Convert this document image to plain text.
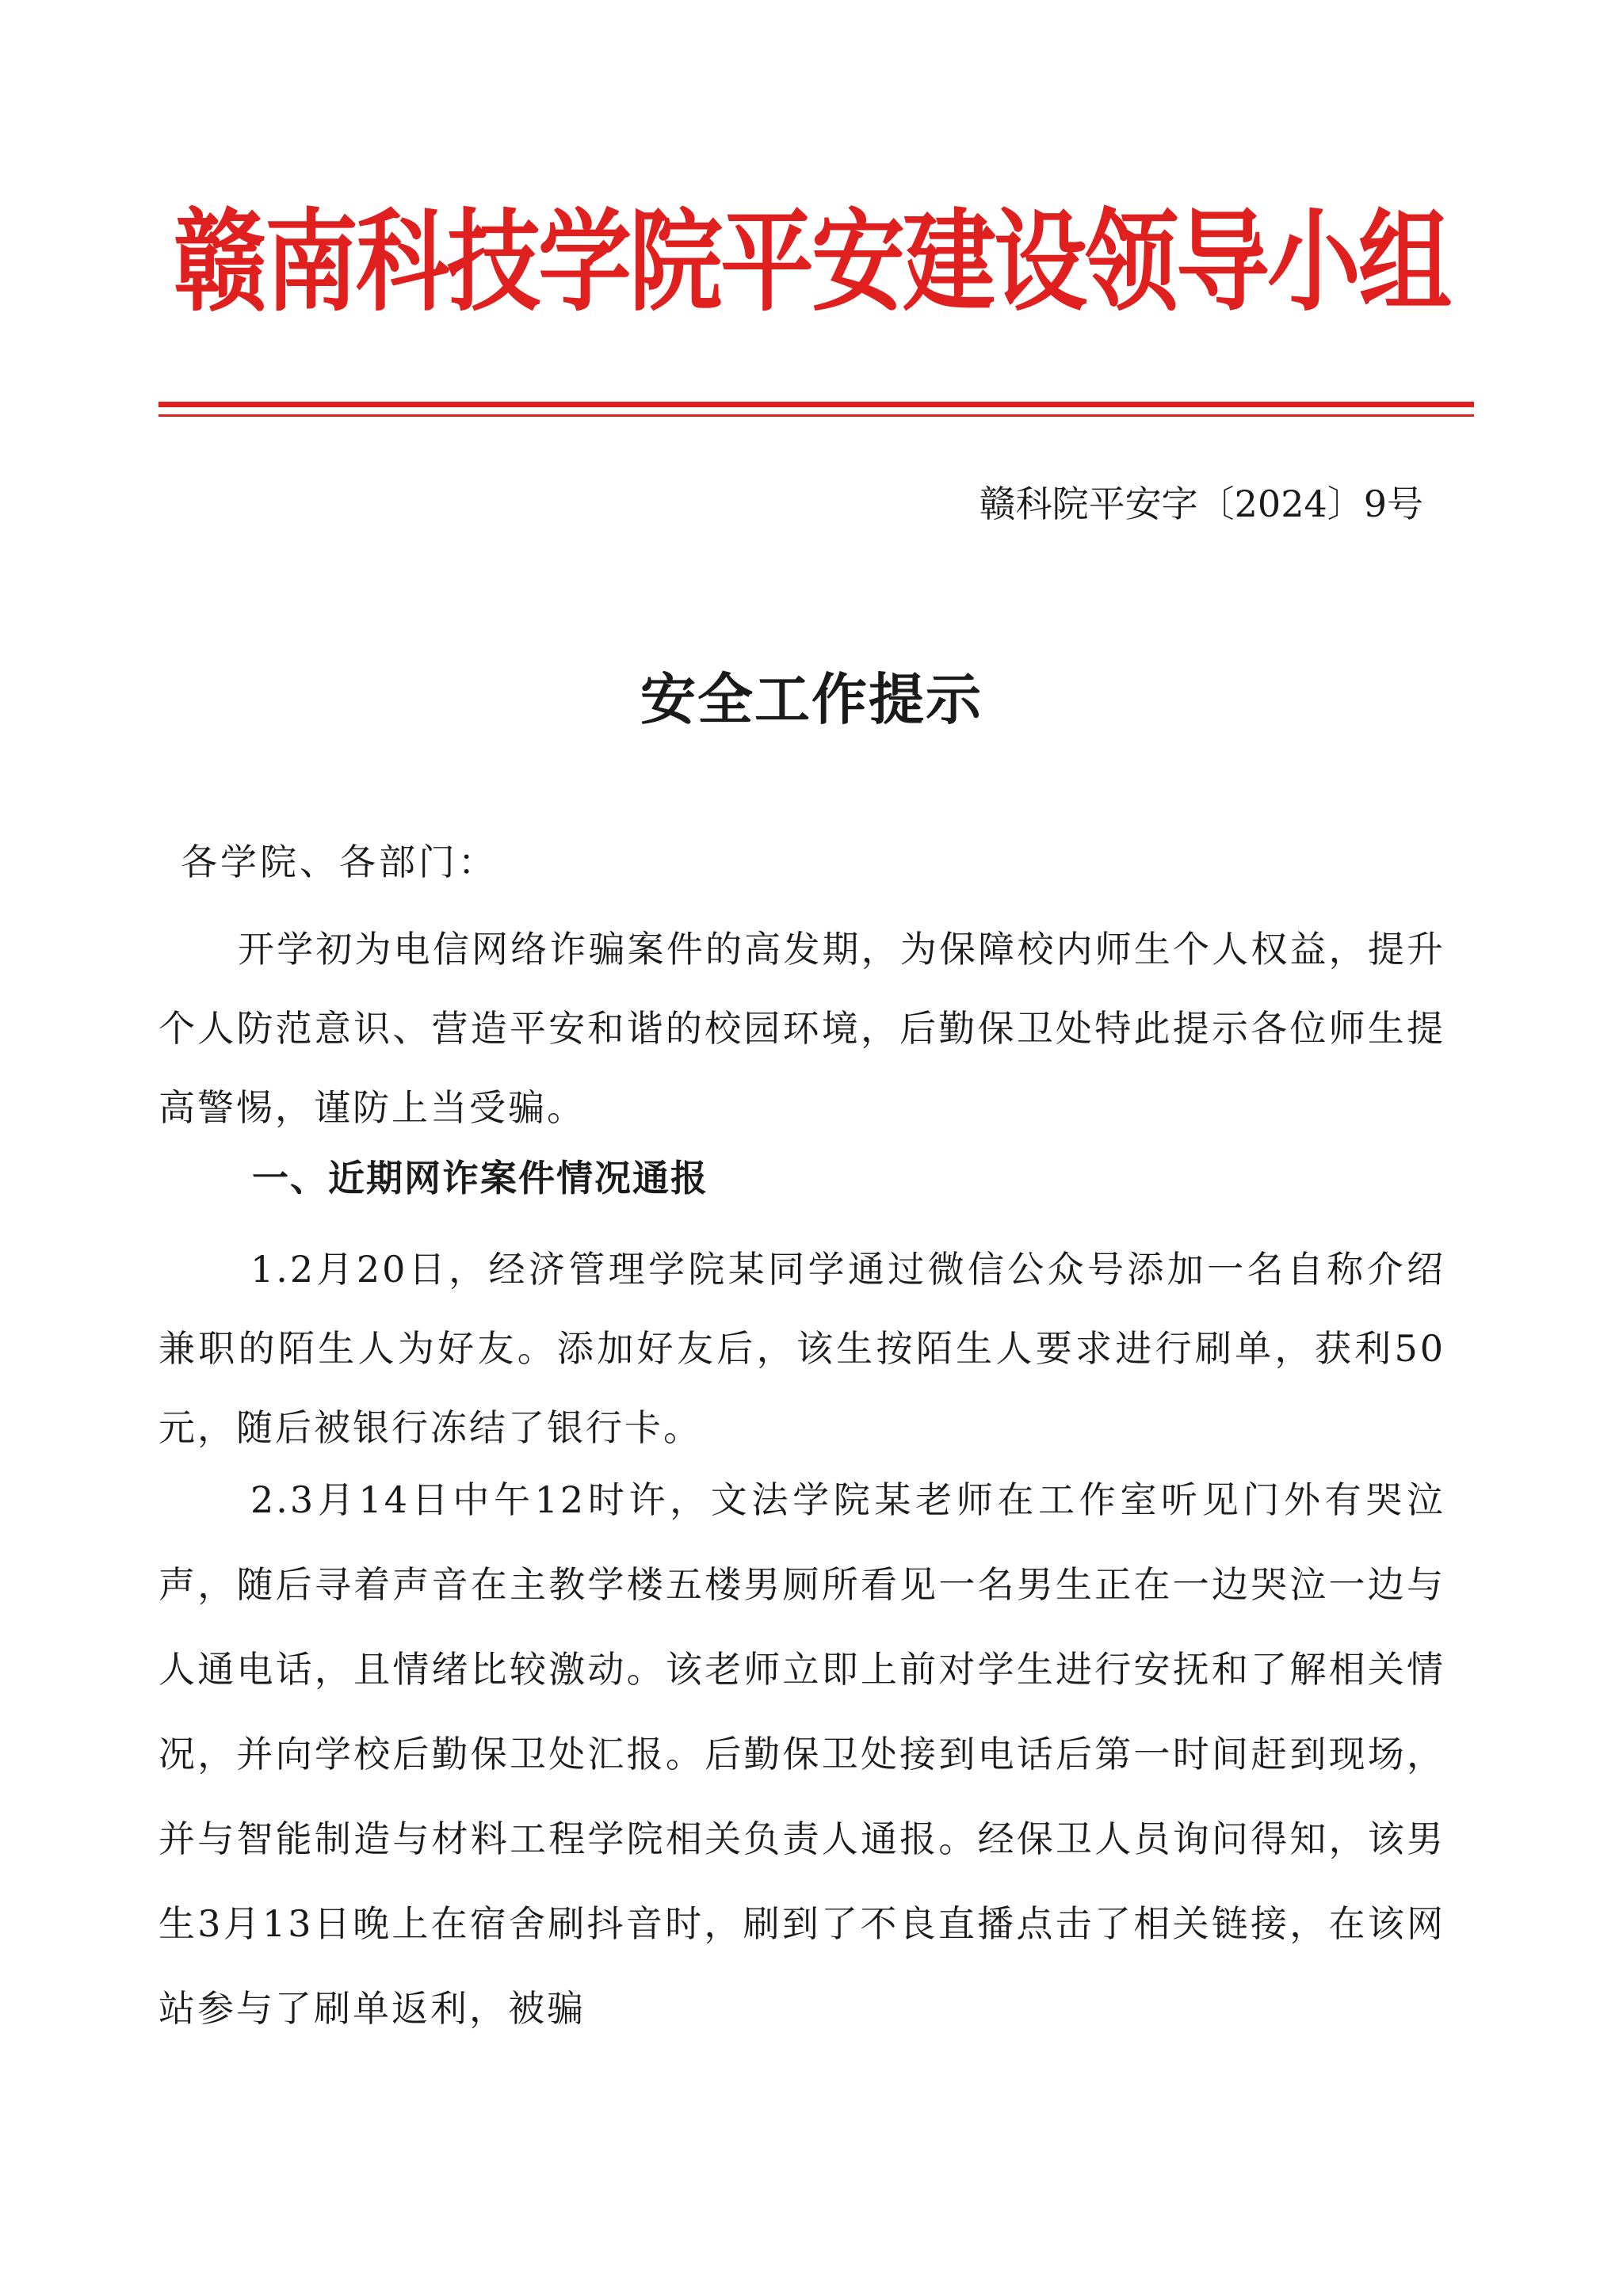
赣南科技学院平安建设领导小组
赣科院平安字〔2024〕9号
安全工作提示
各学院、各部门：

开学初为电信网络诈骗案件的高发期，为保障校内师生个人权益，提升个人防范意识、营造平安和谐的校园环境，后勤保卫处特此提示各位师生提高警惕，谨防上当受骗。

一、近期网诈案件情况通报

1.2月20日，经济管理学院某同学通过微信公众号添加一名自称介绍兼职的陌生人为好友。添加好友后，该生按陌生人要求进行刷单，获利50元，随后被银行冻结了银行卡。

2.3月14日中午12时许，文法学院某老师在工作室听见门外有哭泣声，随后寻着声音在主教学楼五楼男厕所看见一名男生正在一边哭泣一边与人通电话，且情绪比较激动。该老师立即上前对学生进行安抚和了解相关情况，并向学校后勤保卫处汇报。后勤保卫处接到电话后第一时间赶到现场，并与智能制造与材料工程学院相关负责人通报。经保卫人员询问得知，该男生3月13日晚上在宿舍刷抖音时，刷到了不良直播点击了相关链接，在该网站参与了刷单返利，被骗
